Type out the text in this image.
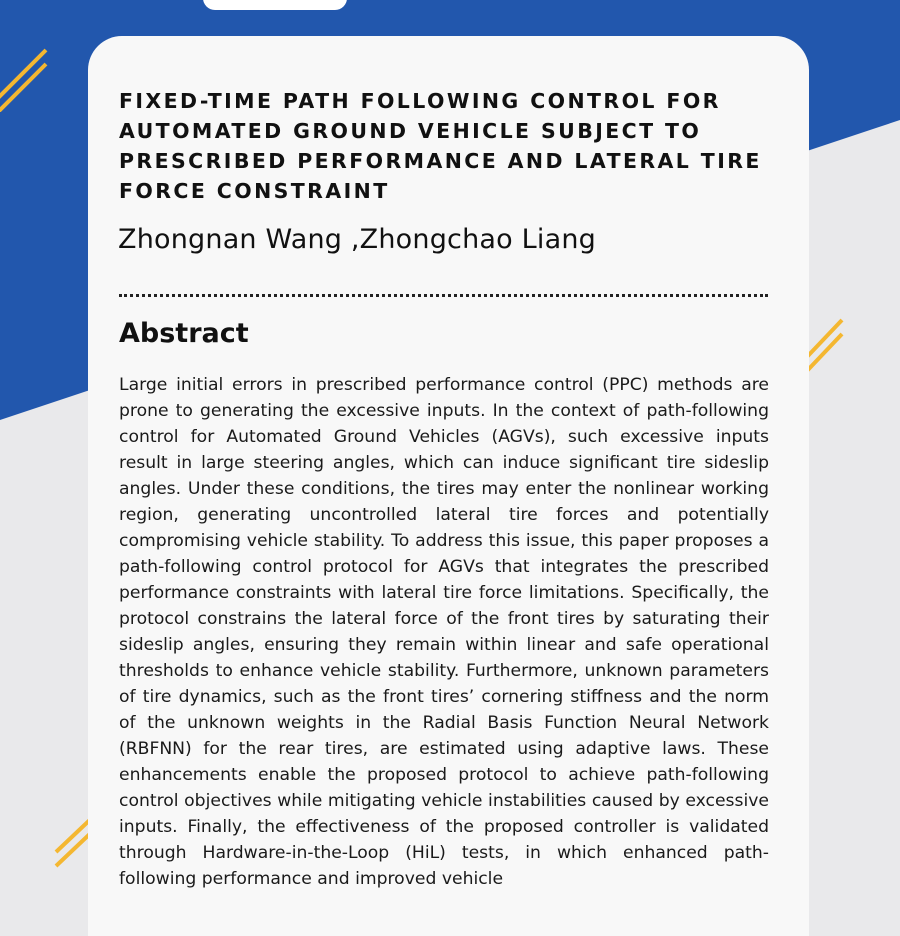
FIXED-TIME PATH FOLLOWING CONTROL FOR AUTOMATED GROUND VEHICLE SUBJECT TO PRESCRIBED PERFORMANCE AND LATERAL TIRE FORCE CONSTRAINT
Zhongnan Wang ,Zhongchao Liang
Abstract

Large initial errors in prescribed performance control (PPC) methods are prone to generating the excessive inputs. In the context of path-following control for Automated Ground Vehicles (AGVs), such excessive inputs result in large steering angles, which can induce significant tire sideslip angles. Under these conditions, the tires may enter the nonlinear working region, generating uncontrolled lateral tire forces and potentially compromising vehicle stability. To address this issue, this paper proposes a path-following control protocol for AGVs that integrates the prescribed performance constraints with lateral tire force limitations. Specifically, the protocol constrains the lateral force of the front tires by saturating their sideslip angles, ensuring they remain within linear and safe operational thresholds to enhance vehicle stability. Furthermore, unknown parameters of tire dynamics, such as the front tires’ cornering stiffness and the norm of the unknown weights in the Radial Basis Function Neural Network (RBFNN) for the rear tires, are estimated using adaptive laws. These enhancements enable the proposed protocol to achieve path-following control objectives while mitigating vehicle instabilities caused by excessive inputs. Finally, the effectiveness of the proposed controller is validated through Hardware-in-the-Loop (HiL) tests, in which enhanced path-following performance and improved vehicle
